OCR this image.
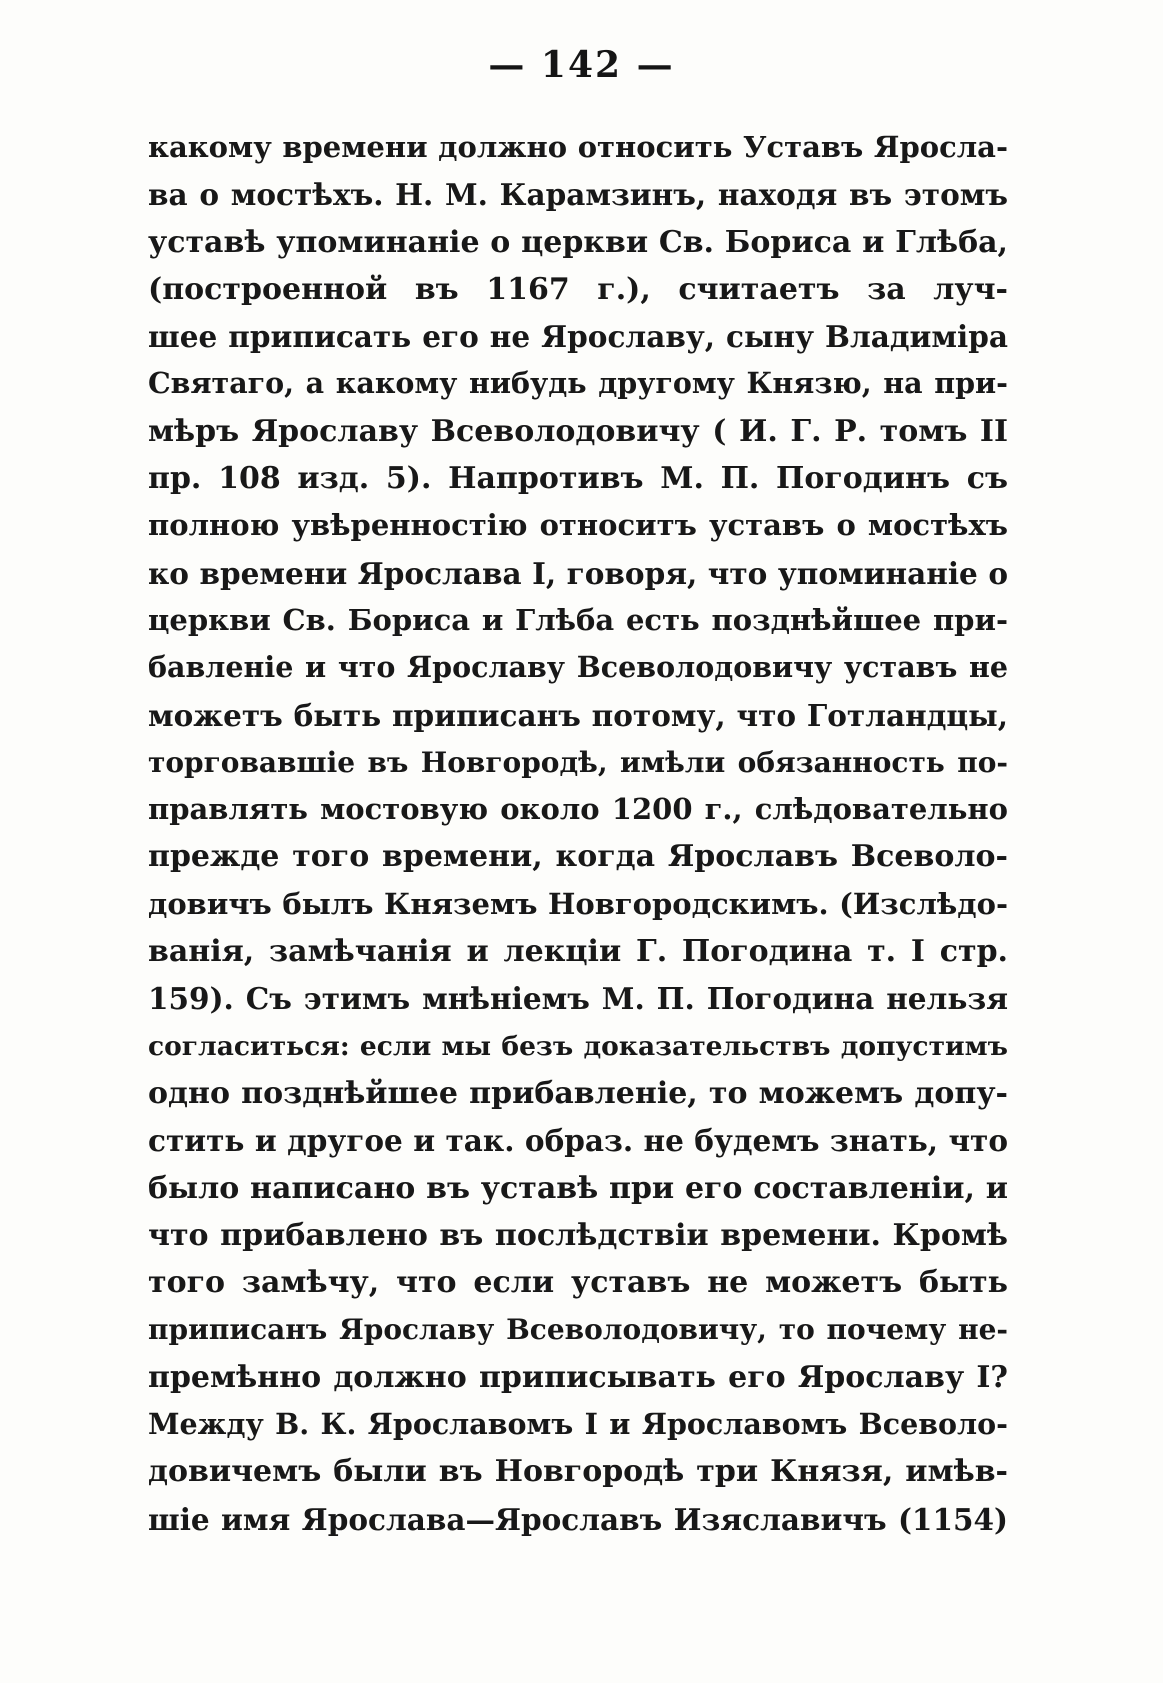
— 142 —
какому времени должно относить Уставъ Яросла-
ва о мостѣхъ. Н. М. Карамзинъ, находя въ этомъ
уставѣ упоминаніе о церкви Св. Бориса и Глѣба,
(построенной въ 1167 г.), считаетъ за луч-
шее приписать его не Ярославу, сыну Владиміра
Святаго, а какому нибудь другому Князю, на при-
мѣръ Ярославу Всеволодовичу ( И. Г. Р. томъ II
пр. 108 изд. 5). Напротивъ М. П. Погодинъ съ
полною увѣренностію относитъ уставъ о мостѣхъ
ко времени Ярослава I, говоря, что упоминаніе о
церкви Св. Бориса и Глѣба есть позднѣйшее при-
бавленіе и что Ярославу Всеволодовичу уставъ не
можетъ быть приписанъ потому, что Готландцы,
торговавшіе въ Новгородѣ, имѣли обязанность по-
правлять мостовую около 1200 г., слѣдовательно
прежде того времени, когда Ярославъ Всеволо-
довичъ былъ Княземъ Новгородскимъ. (Изслѣдо-
ванія, замѣчанія и лекціи Г. Погодина т. I стр.
159). Съ этимъ мнѣніемъ М. П. Погодина нельзя
согласиться: если мы безъ доказательствъ допустимъ
одно позднѣйшее прибавленіе, то можемъ допу-
стить и другое и так. образ. не будемъ знать, что
было написано въ уставѣ при его составленіи, и
что прибавлено въ послѣдствіи времени. Кромѣ
того замѣчу, что если уставъ не можетъ быть
приписанъ Ярославу Всеволодовичу, то почему не-
премѣнно должно приписывать его Ярославу I?
Между В. К. Ярославомъ I и Ярославомъ Всеволо-
довичемъ были въ Новгородѣ три Князя, имѣв-
шіе имя Ярослава—Ярославъ Изяславичъ (1154)
